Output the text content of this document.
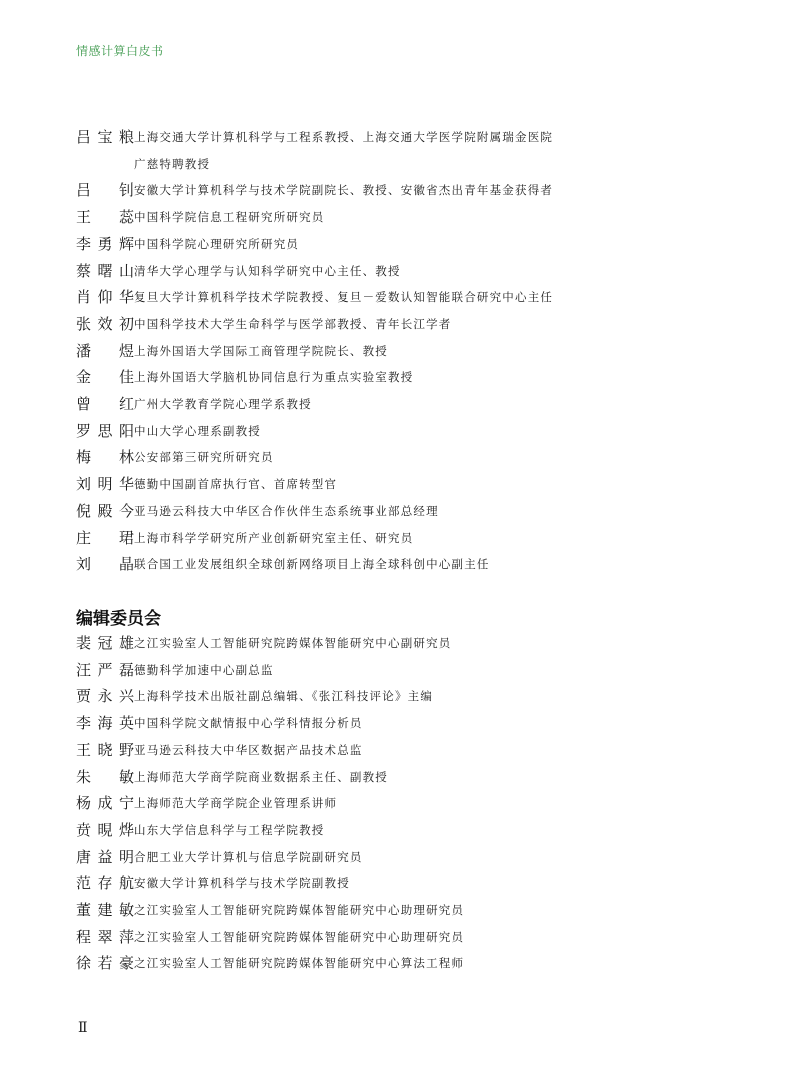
情感计算白皮书
吕宝粮 上海交通大学计算机科学与工程系教授、上海交通大学医学院附属瑞金医院
广慈特聘教授
吕　钊 安徽大学计算机科学与技术学院副院长、教授、安徽省杰出青年基金获得者
王　蕊 中国科学院信息工程研究所研究员
李勇辉 中国科学院心理研究所研究员
蔡曙山 清华大学心理学与认知科学研究中心主任、教授
肖仰华 复旦大学计算机科学技术学院教授、复旦－爱数认知智能联合研究中心主任
张效初 中国科学技术大学生命科学与医学部教授、青年长江学者
潘　煜 上海外国语大学国际工商管理学院院长、教授
金　佳 上海外国语大学脑机协同信息行为重点实验室教授
曾　红 广州大学教育学院心理学系教授
罗思阳 中山大学心理系副教授
梅　林 公安部第三研究所研究员
刘明华 德勤中国副首席执行官、首席转型官
倪殿今 亚马逊云科技大中华区合作伙伴生态系统事业部总经理
庄　珺 上海市科学学研究所产业创新研究室主任、研究员
刘　晶 联合国工业发展组织全球创新网络项目上海全球科创中心副主任
编辑委员会
裴冠雄 之江实验室人工智能研究院跨媒体智能研究中心副研究员
汪严磊 德勤科学加速中心副总监
贾永兴 上海科学技术出版社副总编辑、《张江科技评论》主编
李海英 中国科学院文献情报中心学科情报分析员
王晓野 亚马逊云科技大中华区数据产品技术总监
朱　敏 上海师范大学商学院商业数据系主任、副教授
杨成宁 上海师范大学商学院企业管理系讲师
贲晛烨 山东大学信息科学与工程学院教授
唐益明 合肥工业大学计算机与信息学院副研究员
范存航 安徽大学计算机科学与技术学院副教授
董建敏 之江实验室人工智能研究院跨媒体智能研究中心助理研究员
程翠萍 之江实验室人工智能研究院跨媒体智能研究中心助理研究员
徐若豪 之江实验室人工智能研究院跨媒体智能研究中心算法工程师
Ⅱ
